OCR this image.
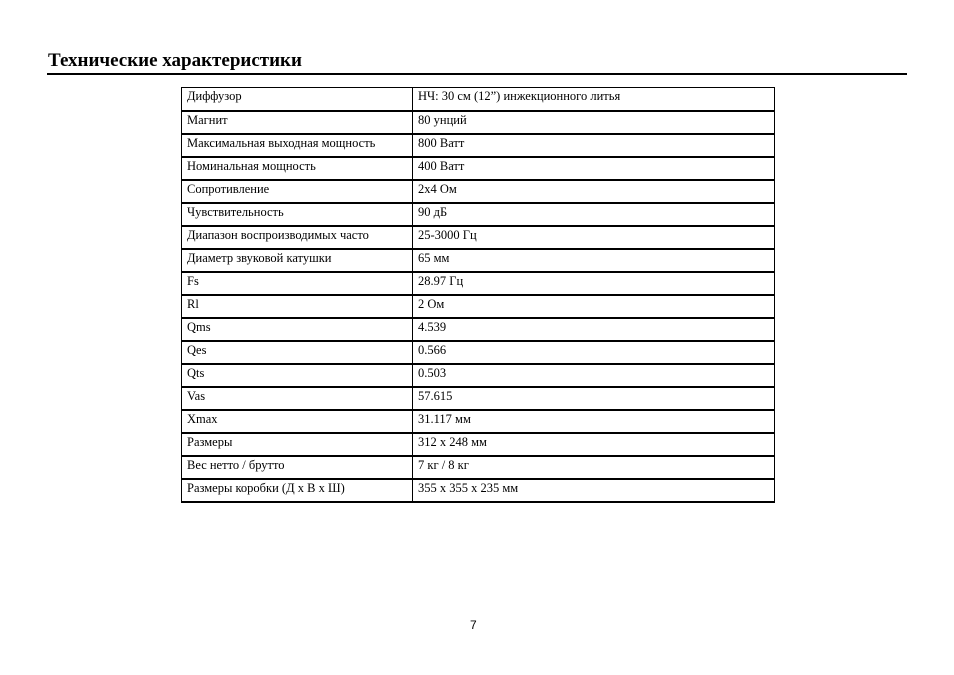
Технические характеристики
Диффузор	НЧ: 30 см (12”) инжекционного литья
Магнит	80 унций
Максимальная выходная мощность	800 Ватт
Номинальная мощность	400 Ватт
Сопротивление	2x4 Ом
Чувствительность	90 дБ
Диапазон воспроизводимых часто	25-3000 Гц
Диаметр звуковой катушки	65 мм
Fs	28.97 Гц
Rl	2 Ом
Qms	4.539
Qes	0.566
Qts	0.503
Vas	57.615
Xmax	31.117 мм
Размеры	312 x 248 мм
Вес нетто / брутто	7 кг / 8 кг
Размеры коробки (Д x В x Ш)	355 x 355 x 235 мм
7
